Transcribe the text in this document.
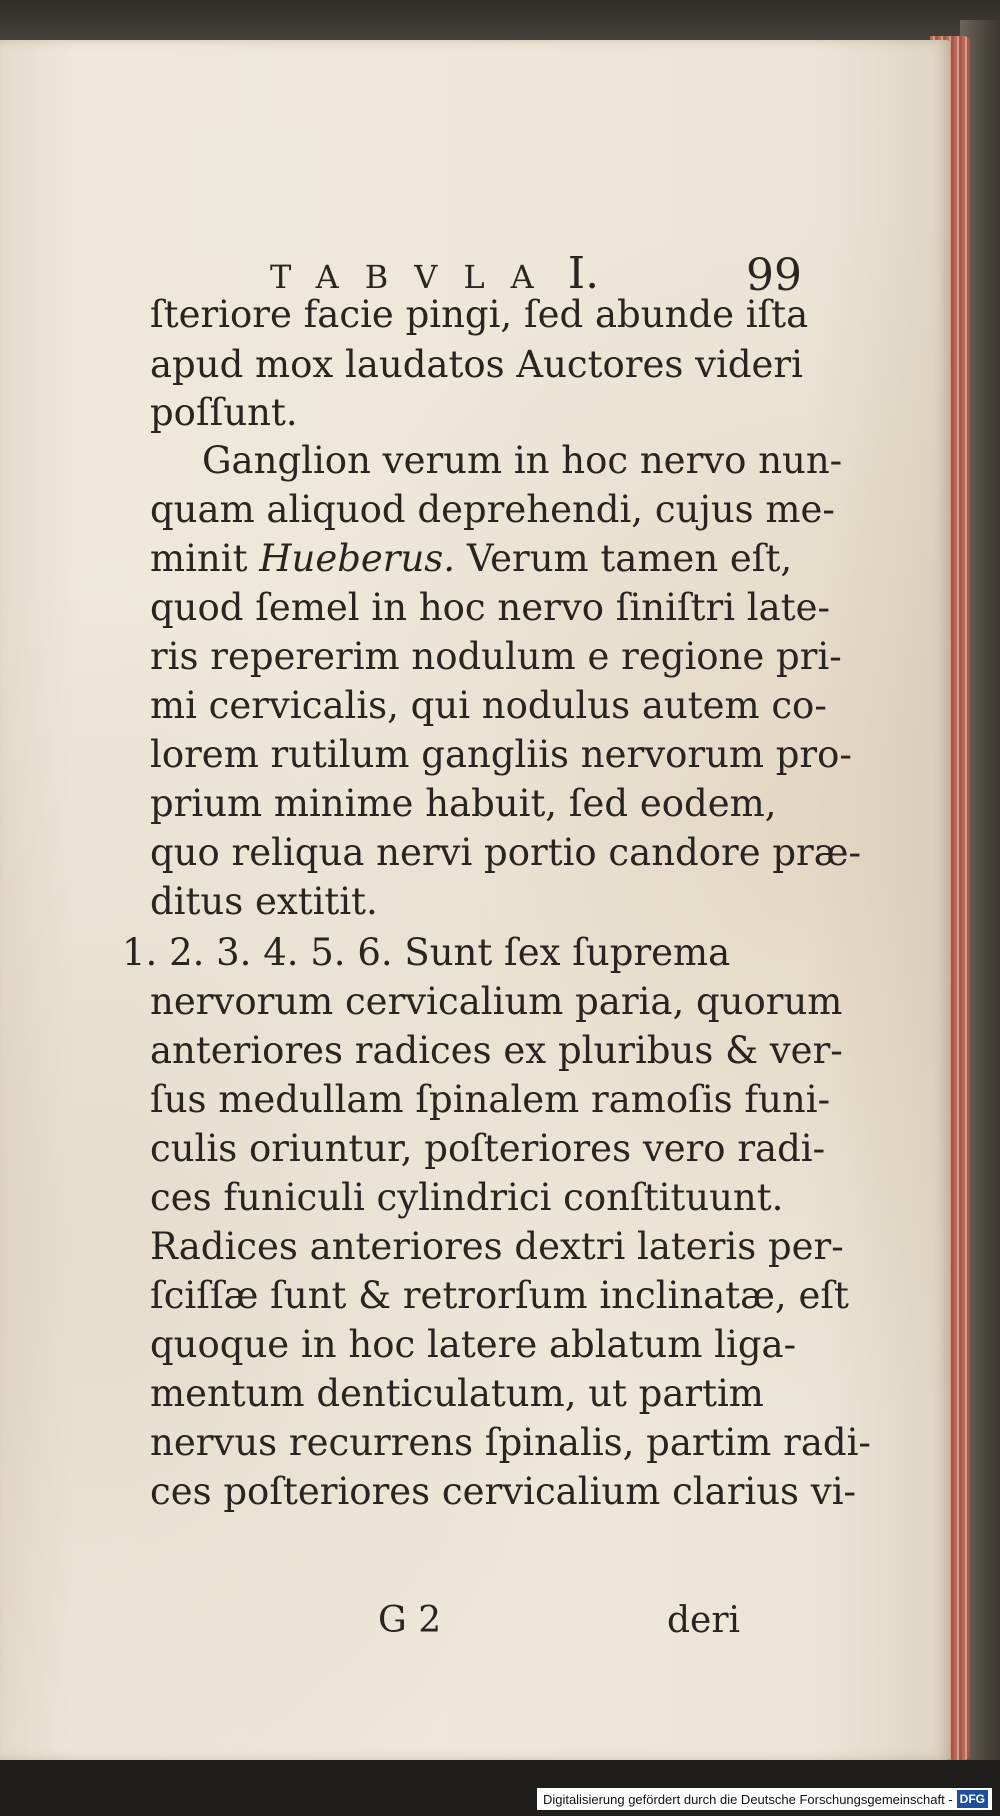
TABVLA I.	99
ſteriore facie pingi, ſed abunde iſta
apud mox laudatos Auctores videri
poſſunt.
Ganglion verum in hoc nervo nun-
quam aliquod deprehendi, cujus me-
minit Hueberus. Verum tamen eſt,
quod ſemel in hoc nervo ſiniſtri late-
ris repererim nodulum e regione pri-
mi cervicalis, qui nodulus autem co-
lorem rutilum gangliis nervorum pro-
prium minime habuit, ſed eodem,
quo reliqua nervi portio candore præ-
ditus extitit.
1. 2. 3. 4. 5. 6. Sunt ſex ſuprema
nervorum cervicalium paria, quorum
anteriores radices ex pluribus & ver-
ſus medullam ſpinalem ramoſis funi-
culis oriuntur, poſteriores vero radi-
ces funiculi cylindrici conſtituunt.
Radices anteriores dextri lateris per-
ſciſſæ ſunt & retrorſum inclinatæ, eſt
quoque in hoc latere ablatum liga-
mentum denticulatum, ut partim
nervus recurrens ſpinalis, partim radi-
ces poſteriores cervicalium clarius vi-
G 2	deri
Digitalisierung gefördert durch die Deutsche Forschungsgemeinschaft - DFG
